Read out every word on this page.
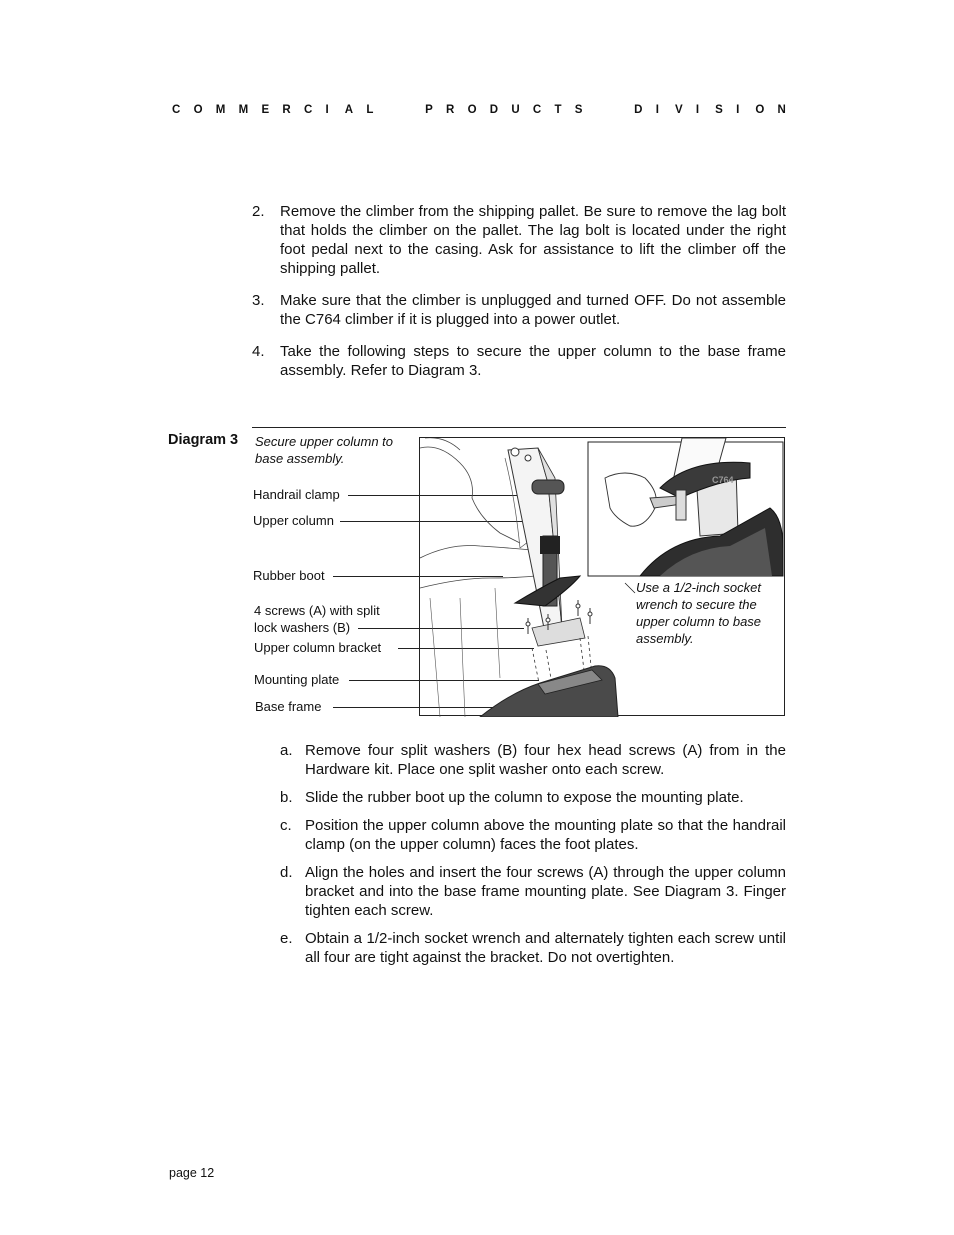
C O M M E R C I A L	P R O D U C T S	D I V I S I O N
2.	Remove the climber from the shipping pallet. Be sure to remove the lag bolt that holds the climber on the pallet. The lag bolt is located under the right foot pedal next to the casing. Ask for assistance to lift the climber off the shipping pallet.
3.	Make sure that the climber is unplugged and turned OFF. Do not assemble the C764 climber if it is plugged into a power outlet.
4.	Take the following steps to secure the upper column to the base frame assembly. Refer to Diagram 3.
Diagram 3 Secure upper column to base assembly.
Handrail clamp
Upper column
Rubber boot
4 screws (A) with split
lock washers (B)
Upper column bracket
Mounting plate
Base frame
C764
Use a 1/2-inch socket wrench to secure the upper column to base assembly.
a. Remove four split washers (B) four hex head screws (A) from in the Hardware kit. Place one split washer onto each screw.
b. Slide the rubber boot up the column to expose the mounting plate.
c. Position the upper column above the mounting plate so that the handrail clamp (on the upper column) faces the foot plates.
d. Align the holes and insert the four screws (A) through the upper column bracket and into the base frame mounting plate. See Diagram 3. Finger tighten each screw.
e. Obtain a 1/2-inch socket wrench and alternately tighten each screw until all four are tight against the bracket. Do not overtighten.
page 12
